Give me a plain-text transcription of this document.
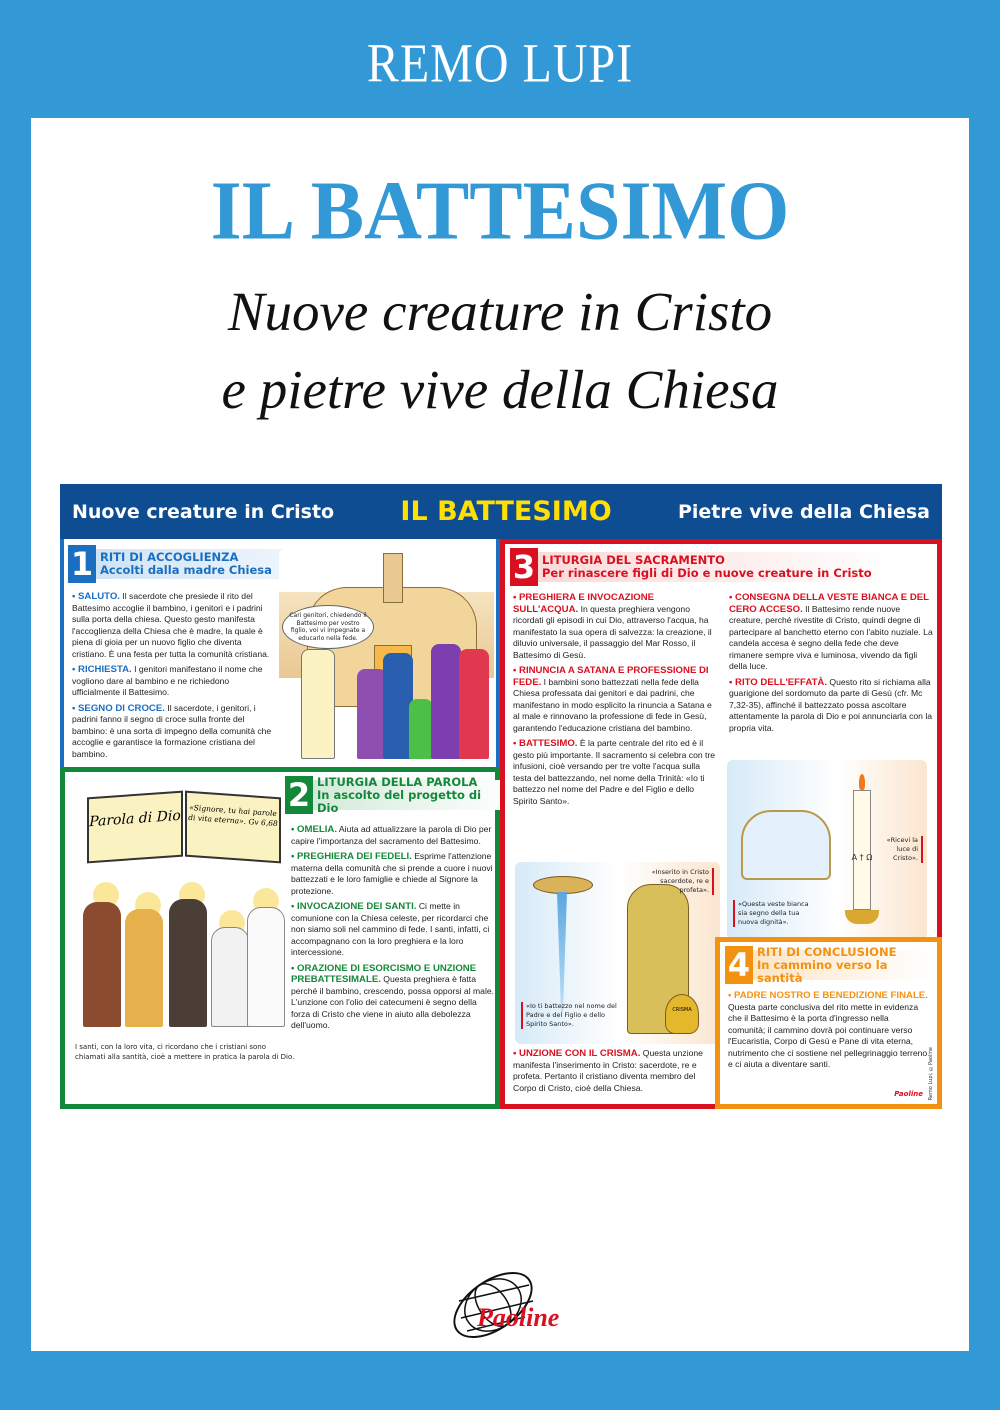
REMO LUPI
IL BATTESIMO
Nuove creature in Cristo
e pietre vive della Chiesa
Nuove creature in Cristo IL BATTESIMO	Pietre vive della Chiesa
1 RITI DI ACCOGLIENZA
Accolti dalla madre Chiesa

• SALUTO. Il sacerdote che presiede il rito del Battesimo accoglie il bambino, i genitori e i padrini sulla porta della chiesa. Questo gesto manifesta l'accoglienza della Chiesa che è madre, la quale è piena di gioia per un nuovo figlio che diventa cristiano. È una festa per tutta la comunità cristiana.

• RICHIESTA. I genitori manifestano il nome che vogliono dare al bambino e ne richiedono ufficialmente il Battesimo.

• SEGNO DI CROCE. Il sacerdote, i genitori, i padrini fanno il segno di croce sulla fronte del bambino: è una sorta di impegno della comunità che accoglie e garantisce la formazione cristiana del bambino.

Cari genitori, chiedendo il Battesimo per vostro figlio, voi vi impegnate a educarlo nella fede.
Parola di Dio	«Signore, tu hai parole di vita eterna». Gv 6,68
I santi, con la loro vita, ci ricordano che i cristiani sono chiamati alla santità, cioè a mettere in pratica la parola di Dio.
2 LITURGIA DELLA PAROLA
In ascolto del progetto di Dio

• OMELIA. Aiuta ad attualizzare la parola di Dio per capire l'importanza del sacramento del Battesimo.

• PREGHIERA DEI FEDELI. Esprime l'attenzione materna della comunità che si prende a cuore i nuovi battezzati e le loro famiglie e chiede al Signore la protezione.

• INVOCAZIONE DEI SANTI. Ci mette in comunione con la Chiesa celeste, per ricordarci che non siamo soli nel cammino di fede. I santi, infatti, ci accompagnano con la loro preghiera e la loro intercessione.

• ORAZIONE DI ESORCISMO E UNZIONE PREBATTESIMALE. Questa preghiera è fatta perché il bambino, crescendo, possa opporsi al male. L'unzione con l'olio dei catecumeni è segno della forza di Cristo che viene in aiuto alla debolezza dell'uomo.

3 LITURGIA DEL SACRAMENTO
Per rinascere figli di Dio e nuove creature in Cristo

• PREGHIERA E INVOCAZIONE SULL'ACQUA. In questa preghiera vengono ricordati gli episodi in cui Dio, attraverso l'acqua, ha manifestato la sua opera di salvezza: la creazione, il diluvio universale, il passaggio del Mar Rosso, il Battesimo di Gesù.

• RINUNCIA A SATANA E PROFESSIONE DI FEDE. I bambini sono battezzati nella fede della Chiesa professata dai genitori e dai padrini, che manifestano in modo esplicito la rinuncia a Satana e al male e rinnovano la professione di fede in Gesù, garantendo l'educazione cristiana del bambino.

• BATTESIMO. È la parte centrale del rito ed è il gesto più importante. Il sacramento si celebra con tre infusioni, cioè versando per tre volte l'acqua sulla testa del battezzando, nel nome della Trinità: «Io ti battezzo nel nome del Padre e del Figlio e dello Spirito Santo».

CRISMA
«Inserito in Cristo sacerdote, re e profeta».
«Io ti battezzo nel nome del Padre e del Figlio e dello Spirito Santo».

• UNZIONE CON IL CRISMA. Questa unzione manifesta l'inserimento in Cristo: sacerdote, re e profeta. Pertanto il cristiano diventa membro del Corpo di Cristo, cioè della Chiesa.

• CONSEGNA DELLA VESTE BIANCA E DEL CERO ACCESO. Il Battesimo rende nuove creature, perché rivestite di Cristo, quindi degne di partecipare al banchetto eterno con l'abito nuziale. La candela accesa è segno della fede che deve rimanere sempre viva e luminosa, vivendo da figli della luce.

• RITO DELL'EFFATÀ. Questo rito si richiama alla guarigione del sordomuto da parte di Gesù (cfr. Mc 7,32-35), affinché il battezzato possa ascoltare attentamente la parola di Dio e poi annunciarla con la propria vita.

A † Ω
«Ricevi la luce di Cristo».
«Questa veste bianca sia segno della tua nuova dignità».
4 RITI DI CONCLUSIONE
In cammino verso la santità

• PADRE NOSTRO E BENEDIZIONE FINALE. Questa parte conclusiva del rito mette in evidenza che il Battesimo è la porta d'ingresso nella comunità; il cammino dovrà poi continuare verso l'Eucaristia, Corpo di Gesù e Pane di vita eterna, nutrimento che ci sostiene nel pellegrinaggio terreno e ci aiuta a diventare santi.

Paoline Remo Lupi, ©Paoline
Paoline
